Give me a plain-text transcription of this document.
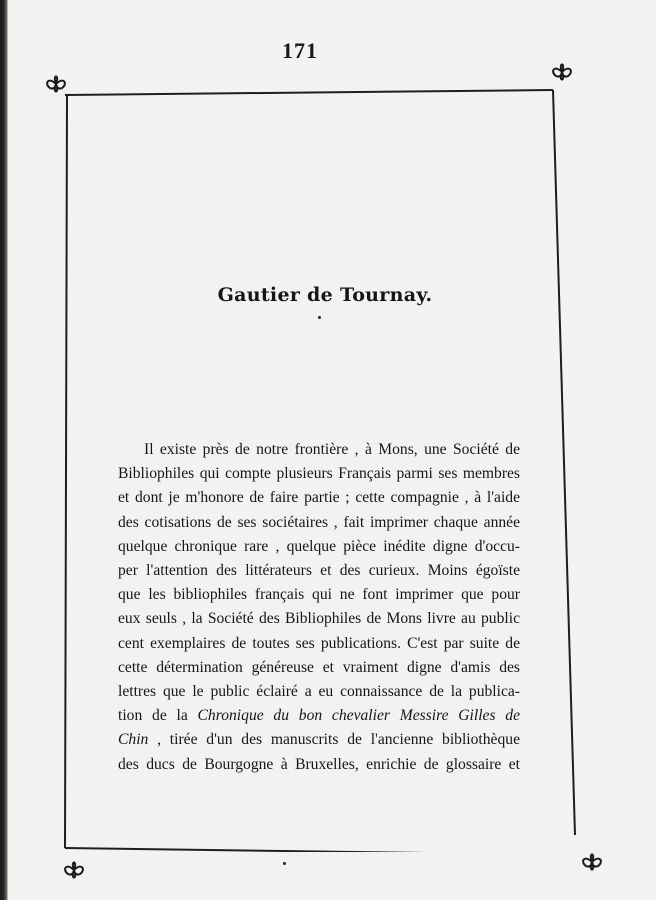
171
Gautier de Tournay.
Il existe près de notre frontière , à Mons, une Société de
Bibliophiles qui compte plusieurs Français parmi ses membres
et dont je m'honore de faire partie ; cette compagnie , à l'aide
des cotisations de ses sociétaires , fait imprimer chaque année
quelque chronique rare , quelque pièce inédite digne d'occu-
per l'attention des littérateurs et des curieux. Moins égoïste
que les bibliophiles français qui ne font imprimer que pour
eux seuls , la Société des Bibliophiles de Mons livre au public
cent exemplaires de toutes ses publications. C'est par suite de
cette détermination généreuse et vraiment digne d'amis des
lettres que le public éclairé a eu connaissance de la publica-
tion de la Chronique du bon chevalier Messire Gilles de
Chin , tirée d'un des manuscrits de l'ancienne bibliothèque
des ducs de Bourgogne à Bruxelles, enrichie de glossaire et
